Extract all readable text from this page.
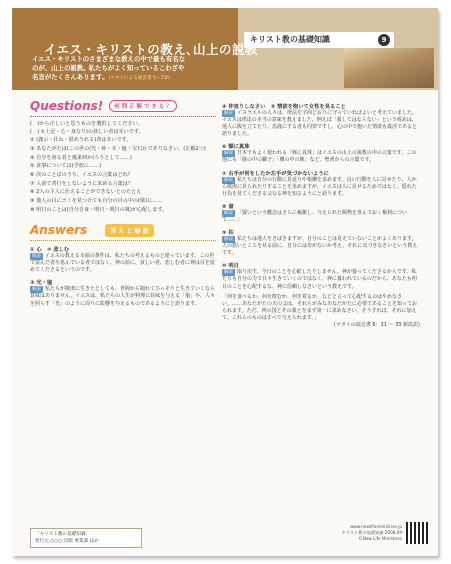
キリスト教の基礎知識	9
イエス・キリストの教え､山上の説教
イエス・キリストのさまざまな教えの中で最も有名な
のが、山上の説教｡ 私たちがよく知っているこわざや
名言がたくさんあります｡ (マタイによる福音書 5〜7章)
Questions!	何 問 正 解 で き る ？
(　)から正しいと思うものを選択してください。
(　) ①上記・心・身なり)の貧しい者は幸いです。
② (義示・仕ね・慰めうれる)者は幸いです。
③ あなたがたは(この世の(光・砂・木・塩・宝石)) でありなさい。(正解2つ)
④ 自分を誇る者と後来何か(ろうとして……)
⑤ 食事については(学校に……)
⑥ 次のことばのうち、イエスの言葉はどれ？
⑦ 人前で善行をしないように求める言葉は？
⑧ 2人の主人に仕えることができないとのたとえ
⑨ 他人の目にゴミを見つけても自分の目の中の(梁)に……
⑩ 明日のことは(自分自身・明日・明日の風)が心配します。
Answers	答 え と 解 説
① 心　② 悲しむ
解説 イエスの教える幸福の条件は、私たちの考えるものと違っています。この世で富んだ者や恵んでいる者ではなく、神の前に、貧しい者、悲しむ者に神は目を留めてくださるというのです。
③ 光・塩
解説 私たちが敬虔に生きたとしても、世間から隔れてひっそりと生きていくなら意味はありません。イエスは、私たちの人生が料理に旨味を与える「塩」や、人々を照らす「光」のように周りに影響を与えるものであるようにと語ります。
④ 仲直りしなさい　⑤ 情欲を抱いて女性を見ること
解説 イスラエルの人々は、律法を字面どおりに守っていればよいと考えていました。イエスは律法の本当の意味を教えました。例えば「殺してはならない」という戒めは、他人に腹を立てたり、馬鹿にする者も同罪ですし、心の中で抱いた情欲も姦淫であると語りました。
⑥ 額に真珠
解説 日本でもよく使われる「豚に真珠」はイエスの山上の説教の中の言葉です。この他にも「豚の中の獅子」「腰の中の豚」など、聖書からの言葉です。
⑦ 右手が何をしたか左手が気づかないように
解説 私たちは自分の行動に見返りや報酬を求めます。良い行動を人に見せたり、人から敬虔に見られたりすることを求めますが、イエスは人に見せるためではなく、隠れた行為を見てくださる父なる神を知るようにと語ります。
⑧ 富
解説 「賢いという概念はさらに複雑し、与えられた賜物を喜んでおく権利について……」
⑨ 柱
解説 私たちは他人をさばきますが、自分のことは見えていないことがよくあります。人の悪いところを見る前に、自分には非がないか考え、それに気づきなさいという教えです。
⑩ 明日
解説 取り戻す、今日のことを心配したりしません。神が養ってくださるからです。私たちも自分の力で日々生きていくのではなく、神に養われているのだから、あなたも明日のことを心配するな、神に信頼しなさいという教えです。
「何を食べるか、何を飲むか、何を着るか、などと言って心配するのはやめなさい。……あなたがたの天の父は、それらがみなあなたがたに必要であることを知っておられます。ただ、神の国とその義とをまず第一に求めなさい。そうすれば、それに加えて、これらのものはすべて与えられます。」
(マタイの福音書 6：31 〜 33 新改訳)
「キリスト教の基礎知識」
発行元 ○○○ 出版 事業部 ほか
www.newlifeministries.jp
キリスト教の基礎知識 2008.09
©New Life Ministries
